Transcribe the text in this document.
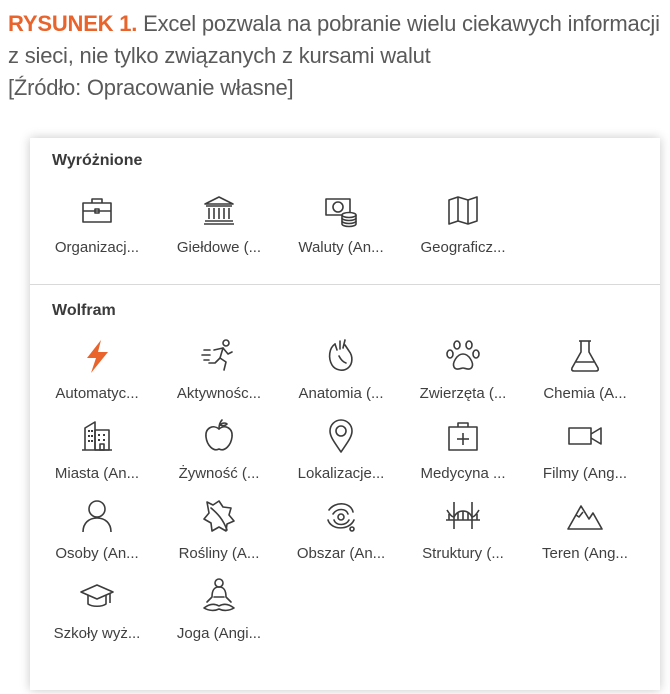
RYSUNEK 1. Excel pozwala na pobranie wielu ciekawych informacji
z sieci, nie tylko związanych z kursami walut
[Źródło: Opracowanie własne]
Wyróżnione
Organizacj...	Giełdowe (... Waluty (An... Geograficz...
Wolfram
Automatyc...	Aktywnośc... Anatomia (... Zwierzęta (... Chemia (A...
Miasta (An...	Żywność (...	Lokalizacje... Medycyna ... Filmy (Ang...
Osoby (An...	Rośliny (A... Obszar (An... Struktury (...	Teren (Ang...
Szkoły wyż... Joga (Angi...
